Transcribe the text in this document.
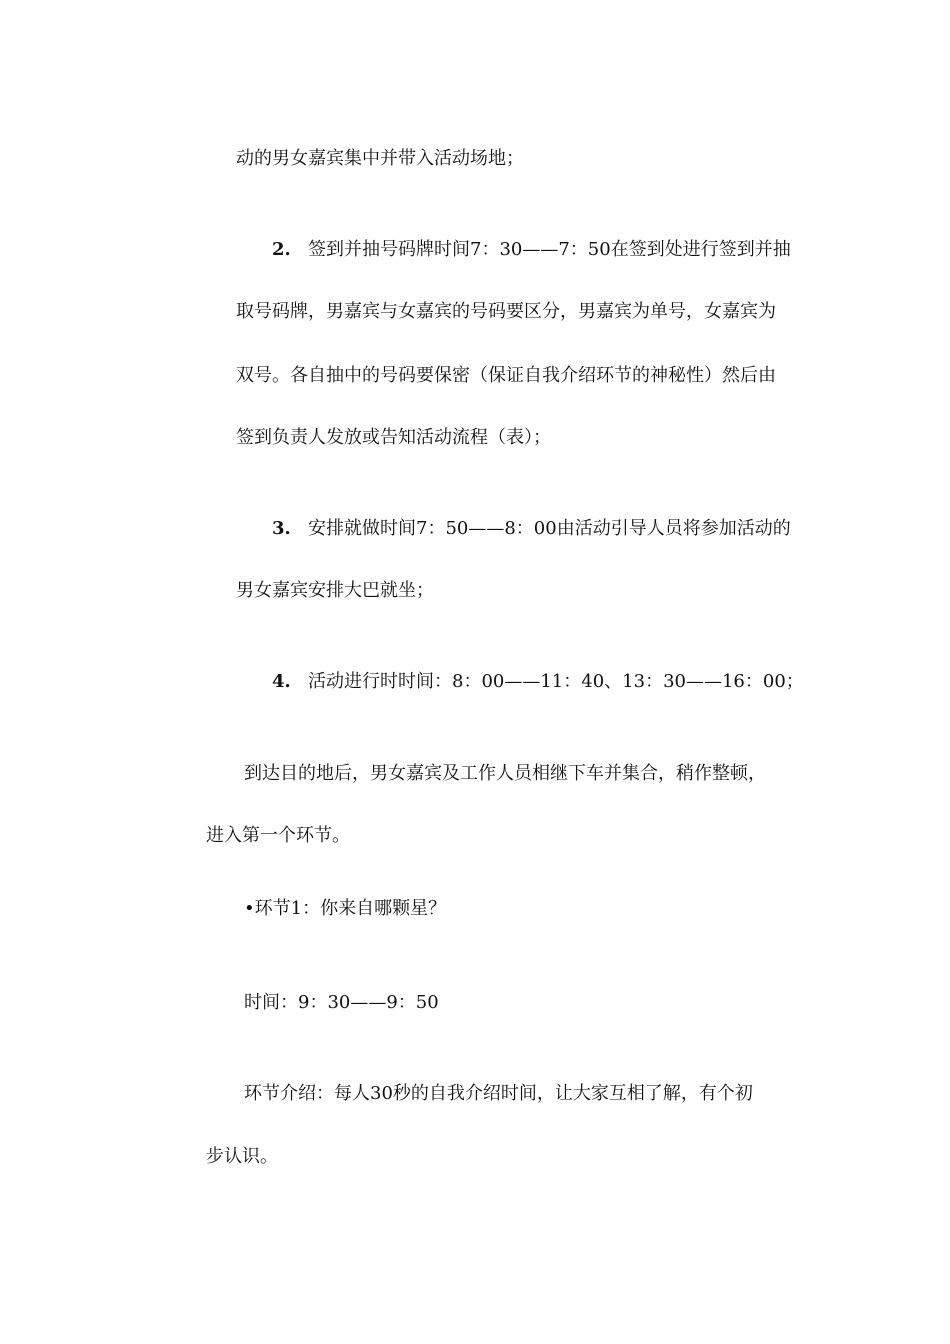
动的男女嘉宾集中并带入活动场地；

2. 签到并抽号码牌时间7：30——7：50在签到处进行签到并抽

取号码牌，男嘉宾与女嘉宾的号码要区分，男嘉宾为单号，女嘉宾为

双号。各自抽中的号码要保密（保证自我介绍环节的神秘性）然后由

签到负责人发放或告知活动流程（表）；

3. 安排就做时间7：50——8：00由活动引导人员将参加活动的

男女嘉宾安排大巴就坐；

4. 活动进行时时间：8：00——11：40、13：30——16：00；

到达目的地后，男女嘉宾及工作人员相继下车并集合，稍作整顿，

进入第一个环节。

•环节1：你来自哪颗星？

时间：9：30——9：50

环节介绍：每人30秒的自我介绍时间，让大家互相了解，有个初

步认识。
